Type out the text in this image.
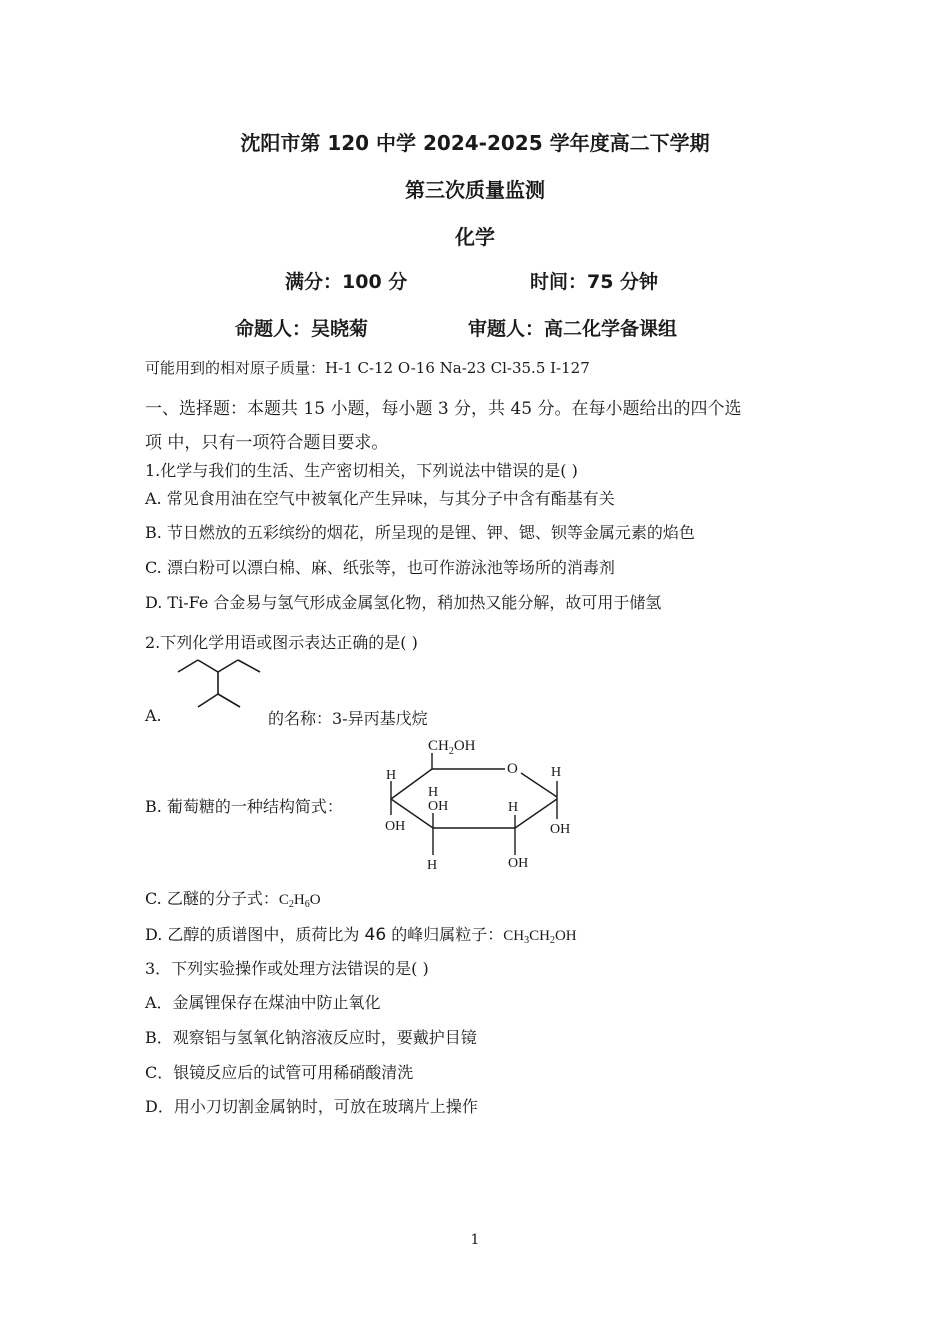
沈阳市第 120 中学 2024-2025 学年度高二下学期
第三次质量监测
化学
满分：100 分	时间：75 分钟
命题人：吴晓菊	审题人：高二化学备课组
可能用到的相对原子质量：H-1 C-12 O-16 Na-23 Cl-35.5 I-127
一、选择题：本题共 15 小题，每小题 3 分，共 45 分。在每小题给出的四个选
项 中，只有一项符合题目要求。
1.化学与我们的生活、生产密切相关，下列说法中错误的是( )
A. 常见食用油在空气中被氧化产生异味，与其分子中含有酯基有关
B. 节日燃放的五彩缤纷的烟花，所呈现的是锂、钾、锶、钡等金属元素的焰色
C. 漂白粉可以漂白棉、麻、纸张等，也可作游泳池等场所的消毒剂
D. Ti-Fe 合金易与氢气形成金属氢化物，稍加热又能分解，故可用于储氢
2.下列化学用语或图示表达正确的是( )
A.	的名称：3-异丙基戊烷
B. 葡萄糖的一种结构简式：
$CH_2OH$
O
H
H
H
OH	H
OH	OH
H	OH
C. 乙醚的分子式：$C_2H_6O$
D. 乙醇的质谱图中，质荷比为 46 的峰归属粒子：$CH_3CH_2OH$
3．下列实验操作或处理方法错误的是( )
A．金属锂保存在煤油中防止氧化
B．观察铝与氢氧化钠溶液反应时，要戴护目镜
C．银镜反应后的试管可用稀硝酸清洗
D．用小刀切割金属钠时，可放在玻璃片上操作
1
